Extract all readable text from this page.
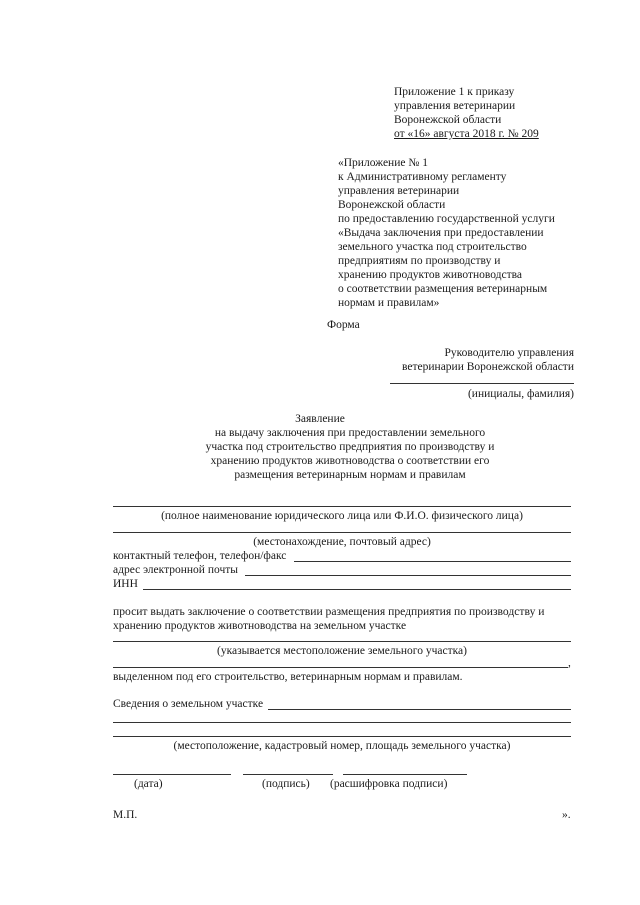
Приложение 1 к приказу
управления ветеринарии
Воронежской области
от «16» августа 2018 г. № 209
«Приложение № 1
к Административному регламенту
управления ветеринарии
Воронежской области
по предоставлению государственной услуги
«Выдача заключения при предоставлении
земельного участка под строительство
предприятиям по производству и
хранению продуктов животноводства
о соответствии размещения ветеринарным
нормам и правилам»
Форма
Руководителю управления
ветеринарии Воронежской области
(инициалы, фамилия)
Заявление
на выдачу заключения при предоставлении земельного
участка под строительство предприятия по производству и
хранению продуктов животноводства о соответствии его
размещения ветеринарным нормам и правилам
(полное наименование юридического лица или Ф.И.О. физического лица)
(местонахождение, почтовый адрес)
контактный телефон, телефон/факс
адрес электронной почты
ИНН
просит выдать заключение о соответствии размещения предприятия по производству и
хранению продуктов животноводства на земельном участке
(указывается местоположение земельного участка)
,
выделенном под его строительство, ветеринарным нормам и правилам.
Сведения о земельном участке
(местоположение, кадастровый номер, площадь земельного участка)
(дата)	(подпись) (расшифровка подписи)
М.П.	».
